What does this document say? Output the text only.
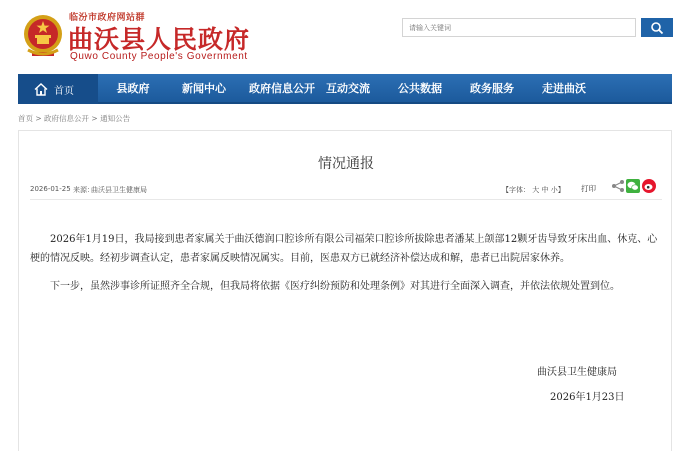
临汾市政府网站群
曲沃县人民政府
Quwo County People's Government
请输入关键词
首页	县政府	新闻中心	政府信息公开	互动交流	公共数据	政务服务	走进曲沃
首页 > 政府信息公开 > 通知公告
情况通报
2026-01-25 来源：
曲沃县卫生健康局	【字体： 大 中 小】 打印

2026年1月19日，我局接到患者家属关于曲沃德润口腔诊所有限公司福荣口腔诊所拔除患者潘某上颌部12颗牙齿导致牙床出血、休克、心梗的情况反映。经初步调查认定，患者家属反映情况属实。目前，医患双方已就经济补偿达成和解，患者已出院居家休养。

下一步，虽然涉事诊所证照齐全合规，但我局将依据《医疗纠纷预防和处理条例》对其进行全面深入调查，并依法依规处置到位。

曲沃县卫生健康局
2026年1月23日
